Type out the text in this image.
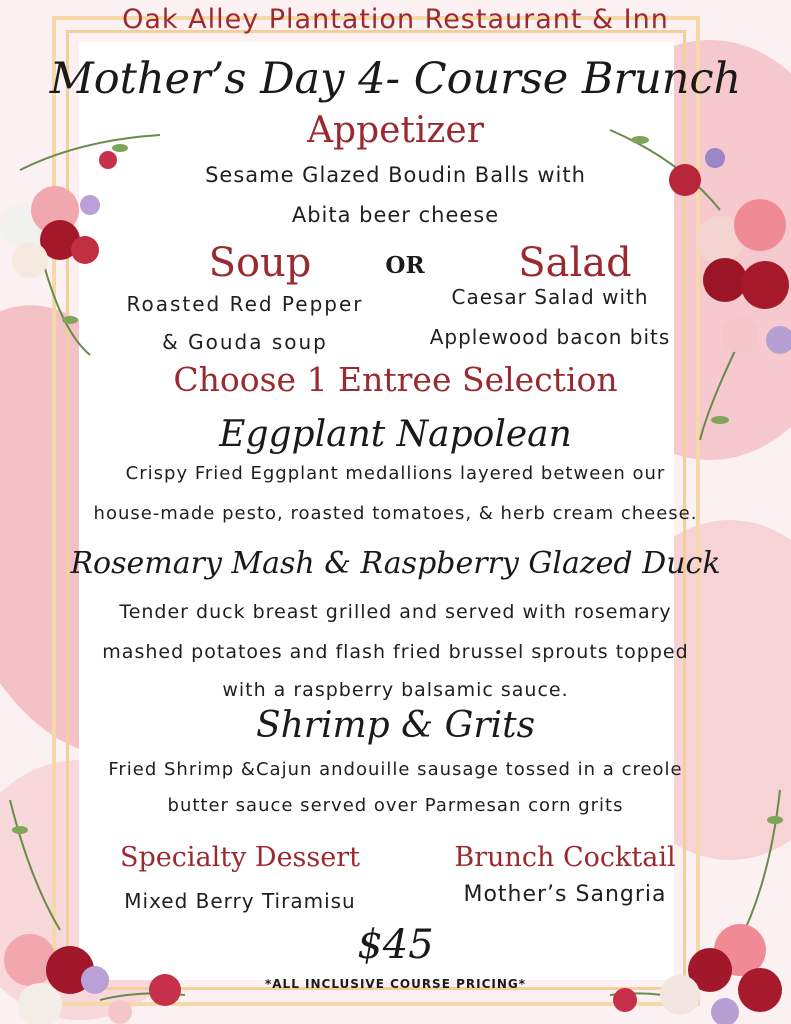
Oak Alley Plantation Restaurant & Inn
Mother’s Day 4- Course Brunch
Appetizer
Sesame Glazed Boudin Balls with
Abita beer cheese
Soup	OR	Salad
Roasted Red Pepper
& Gouda soup
Caesar Salad with
Applewood bacon bits
Choose 1 Entree Selection
Eggplant Napolean
Crispy Fried Eggplant medallions layered between our
house-made pesto, roasted tomatoes, & herb cream cheese.
Rosemary Mash & Raspberry Glazed Duck
Tender duck breast grilled and served with rosemary
mashed potatoes and flash fried brussel sprouts topped
with a raspberry balsamic sauce.
Shrimp & Grits
Fried Shrimp &Cajun andouille sausage tossed in a creole
butter sauce served over Parmesan corn grits
Specialty Dessert	Brunch Cocktail
Mixed Berry Tiramisu	Mother’s Sangria
$45
*ALL INCLUSIVE COURSE PRICING*
